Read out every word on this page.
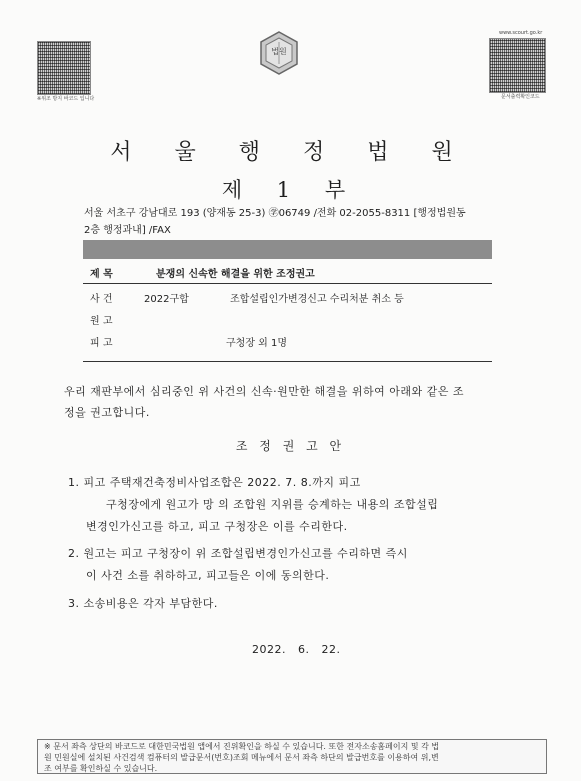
※위조 방지 바코드 입니다
법원
www.scourt.go.kr
문서출력확인코드
서 울 행 정 법 원
제 1 부
서울 서초구 강남대로 193 (양재동 25-3) ㊫06749 /전화 02-2055-8311 [행정법원동
2층 행정과내] /FAX
제 목	분쟁의 신속한 해결을 위한 조정권고
사 건	2022구합	조합설립인가변경신고 수리처분 취소 등
원 고
피 고	구청장 외 1명
우리 재판부에서 심리중인 위 사건의 신속·원만한 해결을 위하여 아래와 같은 조
정을 권고합니다.
조 정 권 고 안
1. 피고 주택재건축정비사업조합은 2022. 7. 8.까지 피고
구청장에게 원고가 망 의 조합원 지위를 승계하는 내용의 조합설립
변경인가신고를 하고, 피고 구청장은 이를 수리한다.
2. 원고는 피고 구청장이 위 조합설립변경인가신고를 수리하면 즉시
이 사건 소를 취하하고, 피고들은 이에 동의한다.
3. 소송비용은 각자 부담한다.
2022.   6.   22.
※ 문서 좌측 상단의 바코드로 대한민국법원 앱에서 진위확인을 하실 수 있습니다. 또한 전자소송홈페이지 및 각 법
원 민원실에 설치된 사건검색 컴퓨터의 발급문서(번호)조회 메뉴에서 문서 좌측 하단의 발급번호를 이용하여 위,변
조 여부를 확인하실 수 있습니다.
